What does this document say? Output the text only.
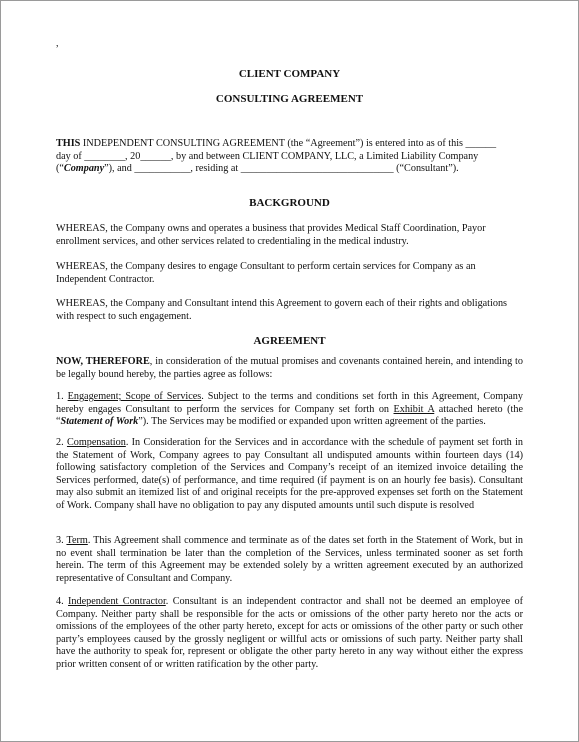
,
CLIENT COMPANY
CONSULTING AGREEMENT

THIS INDEPENDENT CONSULTING AGREEMENT (the “Agreement”) is entered into as of this ______

day of ________, 20______, by and between CLIENT COMPANY, LLC, a Limited Liability Company

(“Company”), and ___________, residing at ______________________________ (“Consultant”).

BACKGROUND

WHEREAS, the Company owns and operates a business that provides Medical Staff Coordination, Payor enrollment services, and other services related to credentialing in the medical industry.

WHEREAS, the Company desires to engage Consultant to perform certain services for Company as an Independent Contractor.

WHEREAS, the Company and Consultant intend this Agreement to govern each of their rights and obligations with respect to such engagement.

AGREEMENT

NOW, THEREFORE, in consideration of the mutual promises and covenants contained herein, and intending to be legally bound hereby, the parties agree as follows:

1. Engagement; Scope of Services. Subject to the terms and conditions set forth in this Agreement, Company hereby engages Consultant to perform the services for Company set forth on Exhibit A attached hereto (the “Statement of Work”). The Services may be modified or expanded upon written agreement of the parties.

2. Compensation. In Consideration for the Services and in accordance with the schedule of payment set forth in the Statement of Work, Company agrees to pay Consultant all undisputed amounts within fourteen days (14) following satisfactory completion of the Services and Company’s receipt of an itemized invoice detailing the Services performed, date(s) of performance, and time required (if payment is on an hourly fee basis). Consultant may also submit an itemized list of and original receipts for the pre-approved expenses set forth on the Statement of Work. Company shall have no obligation to pay any disputed amounts until such dispute is resolved

3. Term. This Agreement shall commence and terminate as of the dates set forth in the Statement of Work, but in no event shall termination be later than the completion of the Services, unless terminated sooner as set forth herein. The term of this Agreement may be extended solely by a written agreement executed by an authorized representative of Consultant and Company.

4. Independent Contractor. Consultant is an independent contractor and shall not be deemed an employee of Company. Neither party shall be responsible for the acts or omissions of the other party hereto nor the acts or omissions of the employees of the other party hereto, except for acts or omissions of the other party or such other party’s employees caused by the grossly negligent or willful acts or omissions of such party. Neither party shall have the authority to speak for, represent or obligate the other party hereto in any way without either the express prior written consent of or written ratification by the other party.
